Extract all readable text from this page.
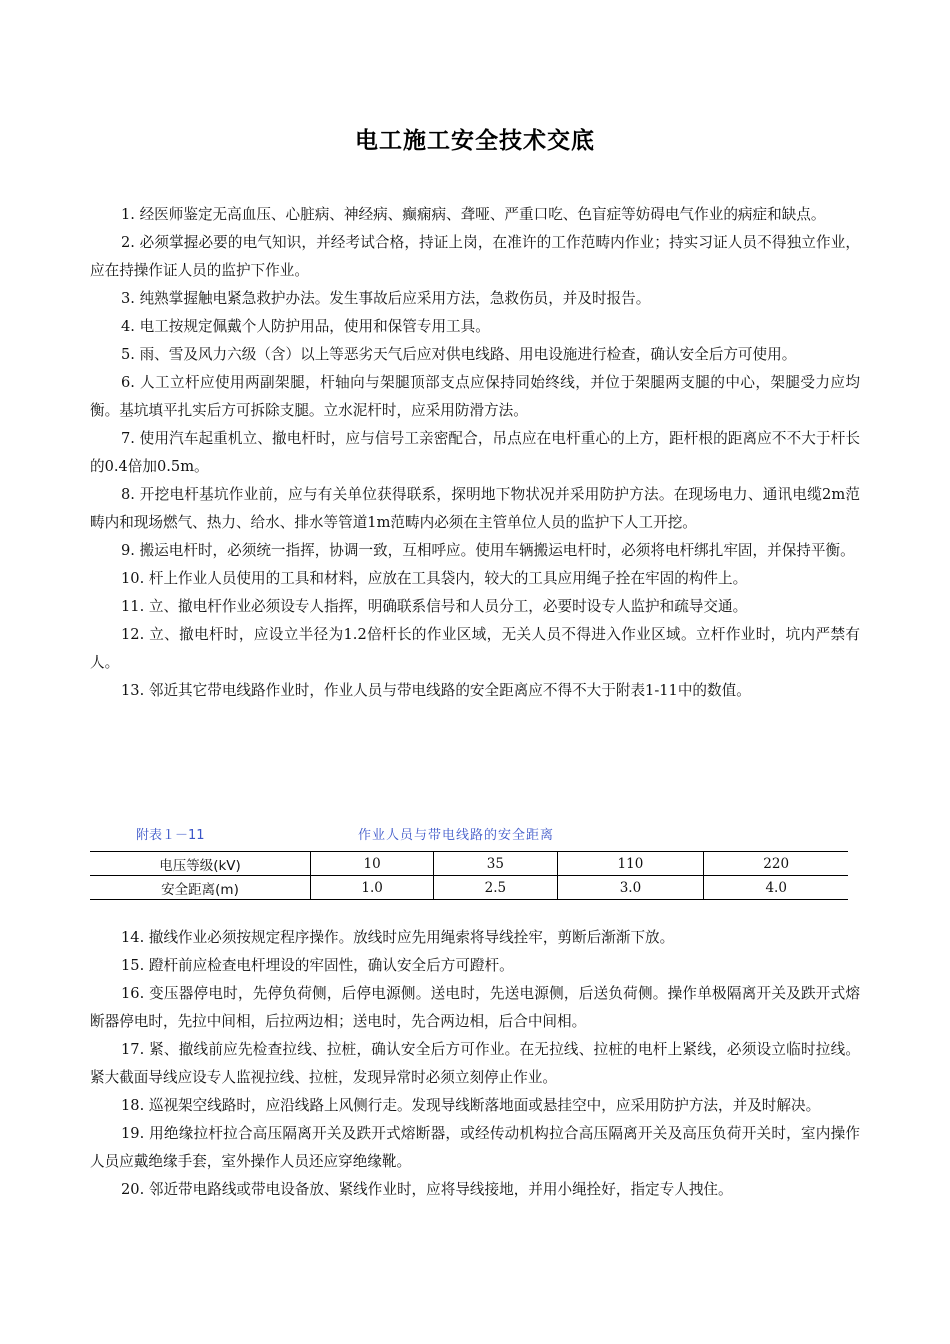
电工施工安全技术交底

1. 经医师鉴定无高血压、心脏病、神经病、癫痫病、聋哑、严重口吃、色盲症等妨碍电气作业的病症和缺点。

2. 必须掌握必要的电气知识，并经考试合格，持证上岗，在准许的工作范畴内作业；持实习证人员不得独立作业，应在持操作证人员的监护下作业。

3. 纯熟掌握触电紧急救护办法。发生事故后应采用方法，急救伤员，并及时报告。

4. 电工按规定佩戴个人防护用品，使用和保管专用工具。

5. 雨、雪及风力六级（含）以上等恶劣天气后应对供电线路、用电设施进行检查，确认安全后方可使用。

6. 人工立杆应使用两副架腿，杆轴向与架腿顶部支点应保持同始终线，并位于架腿两支腿的中心，架腿受力应均衡。基坑填平扎实后方可拆除支腿。立水泥杆时，应采用防滑方法。

7. 使用汽车起重机立、撤电杆时，应与信号工亲密配合，吊点应在电杆重心的上方，距杆根的距离应不不大于杆长的0.4倍加0.5m。

8. 开挖电杆基坑作业前，应与有关单位获得联系，探明地下物状况并采用防护方法。在现场电力、通讯电缆2m范畴内和现场燃气、热力、给水、排水等管道1m范畴内必须在主管单位人员的监护下人工开挖。

9. 搬运电杆时，必须统一指挥，协调一致，互相呼应。使用车辆搬运电杆时，必须将电杆绑扎牢固，并保持平衡。

10. 杆上作业人员使用的工具和材料，应放在工具袋内，较大的工具应用绳子拴在牢固的构件上。

11. 立、撤电杆作业必须设专人指挥，明确联系信号和人员分工，必要时设专人监护和疏导交通。

12. 立、撤电杆时，应设立半径为1.2倍杆长的作业区域，无关人员不得进入作业区域。立杆作业时，坑内严禁有人。

13. 邻近其它带电线路作业时，作业人员与带电线路的安全距离应不得不大于附表1-11中的数值。

附表１－11	作业人员与带电线路的安全距离
电压等级(kV)	10	35	110	220
安全距离(m)	1.0	2.5	3.0	4.0

14. 撤线作业必须按规定程序操作。放线时应先用绳索将导线拴牢，剪断后渐渐下放。

15. 蹬杆前应检查电杆埋设的牢固性，确认安全后方可蹬杆。

16. 变压器停电时，先停负荷侧，后停电源侧。送电时，先送电源侧，后送负荷侧。操作单极隔离开关及跌开式熔断器停电时，先拉中间相，后拉两边相；送电时，先合两边相，后合中间相。

17. 紧、撤线前应先检查拉线、拉桩，确认安全后方可作业。在无拉线、拉桩的电杆上紧线，必须设立临时拉线。紧大截面导线应设专人监视拉线、拉桩，发现异常时必须立刻停止作业。

18. 巡视架空线路时，应沿线路上风侧行走。发现导线断落地面或悬挂空中，应采用防护方法，并及时解决。

19. 用绝缘拉杆拉合高压隔离开关及跌开式熔断器，或经传动机构拉合高压隔离开关及高压负荷开关时，室内操作人员应戴绝缘手套，室外操作人员还应穿绝缘靴。

20. 邻近带电路线或带电设备放、紧线作业时，应将导线接地，并用小绳拴好，指定专人拽住。
